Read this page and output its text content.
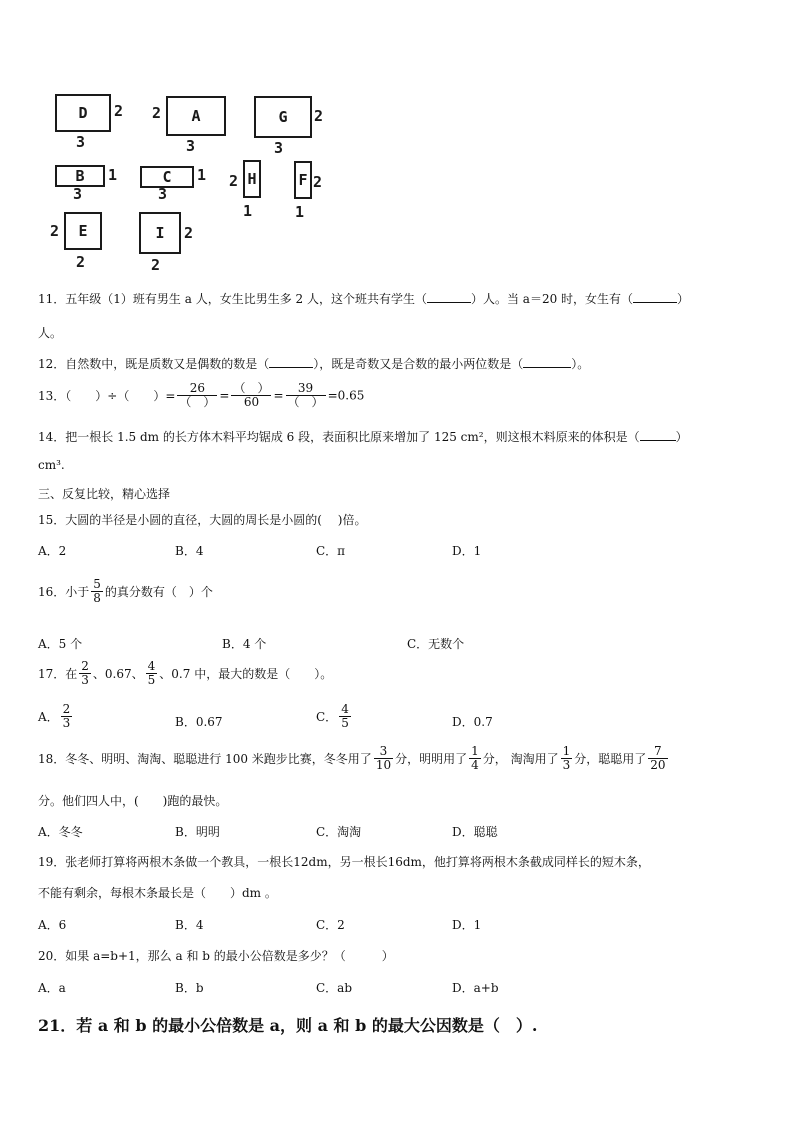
D 2
3
2 A
3
G 2
3
B 1
3
C 1
3
2 H
1
F 2
1
2 E
2
I 2
2
11．五年级（1）班有男生 a 人，女生比男生多 2 人，这个班共有学生（	）人。当 a＝20 时，女生有（	）
人。
12．自然数中，既是质数又是偶数的数是（	），既是奇数又是合数的最小两位数是（	）。
13．（　　）÷（　　）= $\frac{26}{( )} = \frac{( )}{60} = \frac{39}{( )} =0.65$
14．把一根长 1.5 dm 的长方体木料平均锯成 6 段，表面积比原来增加了 125 cm²，则这根木料原来的体积是（	）
cm³.
三、反复比较，精心选择
15．大圆的半径是小圆的直径，大圆的周长是小圆的(　 )倍。
A．2	B．4	C．π	D．1
16．小于 $\frac{5}{8}$ 的真分数有（　）个
A．5 个	B．4 个	C．无数个
17．在 $\frac{2}{3}$ 、0.67、 $\frac{4}{5}$ 、0.7 中，最大的数是（　　）。
A． $\frac{2}{3}$	B．0.67	C． $\frac{4}{5}$	D．0.7
18．冬冬、明明、淘淘、聪聪进行 100 米跑步比赛，冬冬用了 $\frac{3}{10}$ 分，明明用了 $\frac{1}{4}$ 分， 淘淘用了 $\frac{1}{3}$ 分，聪聪用了 $\frac{7}{20}$
分。他们四人中，(　　)跑的最快。
A．冬冬	B．明明	C．淘淘	D．聪聪
19．张老师打算将两根木条做一个教具，一根长12dm，另一根长16dm，他打算将两根木条截成同样长的短木条，
不能有剩余，每根木条最长是（　　）dm 。
A．6	B．4	C．2	D．1
20．如果 a=b+1，那么 a 和 b 的最小公倍数是多少？（　　　）
A．a	B．b	C．ab	D．a+b
21．若 a 和 b 的最小公倍数是 a，则 a 和 b 的最大公因数是（　）.
